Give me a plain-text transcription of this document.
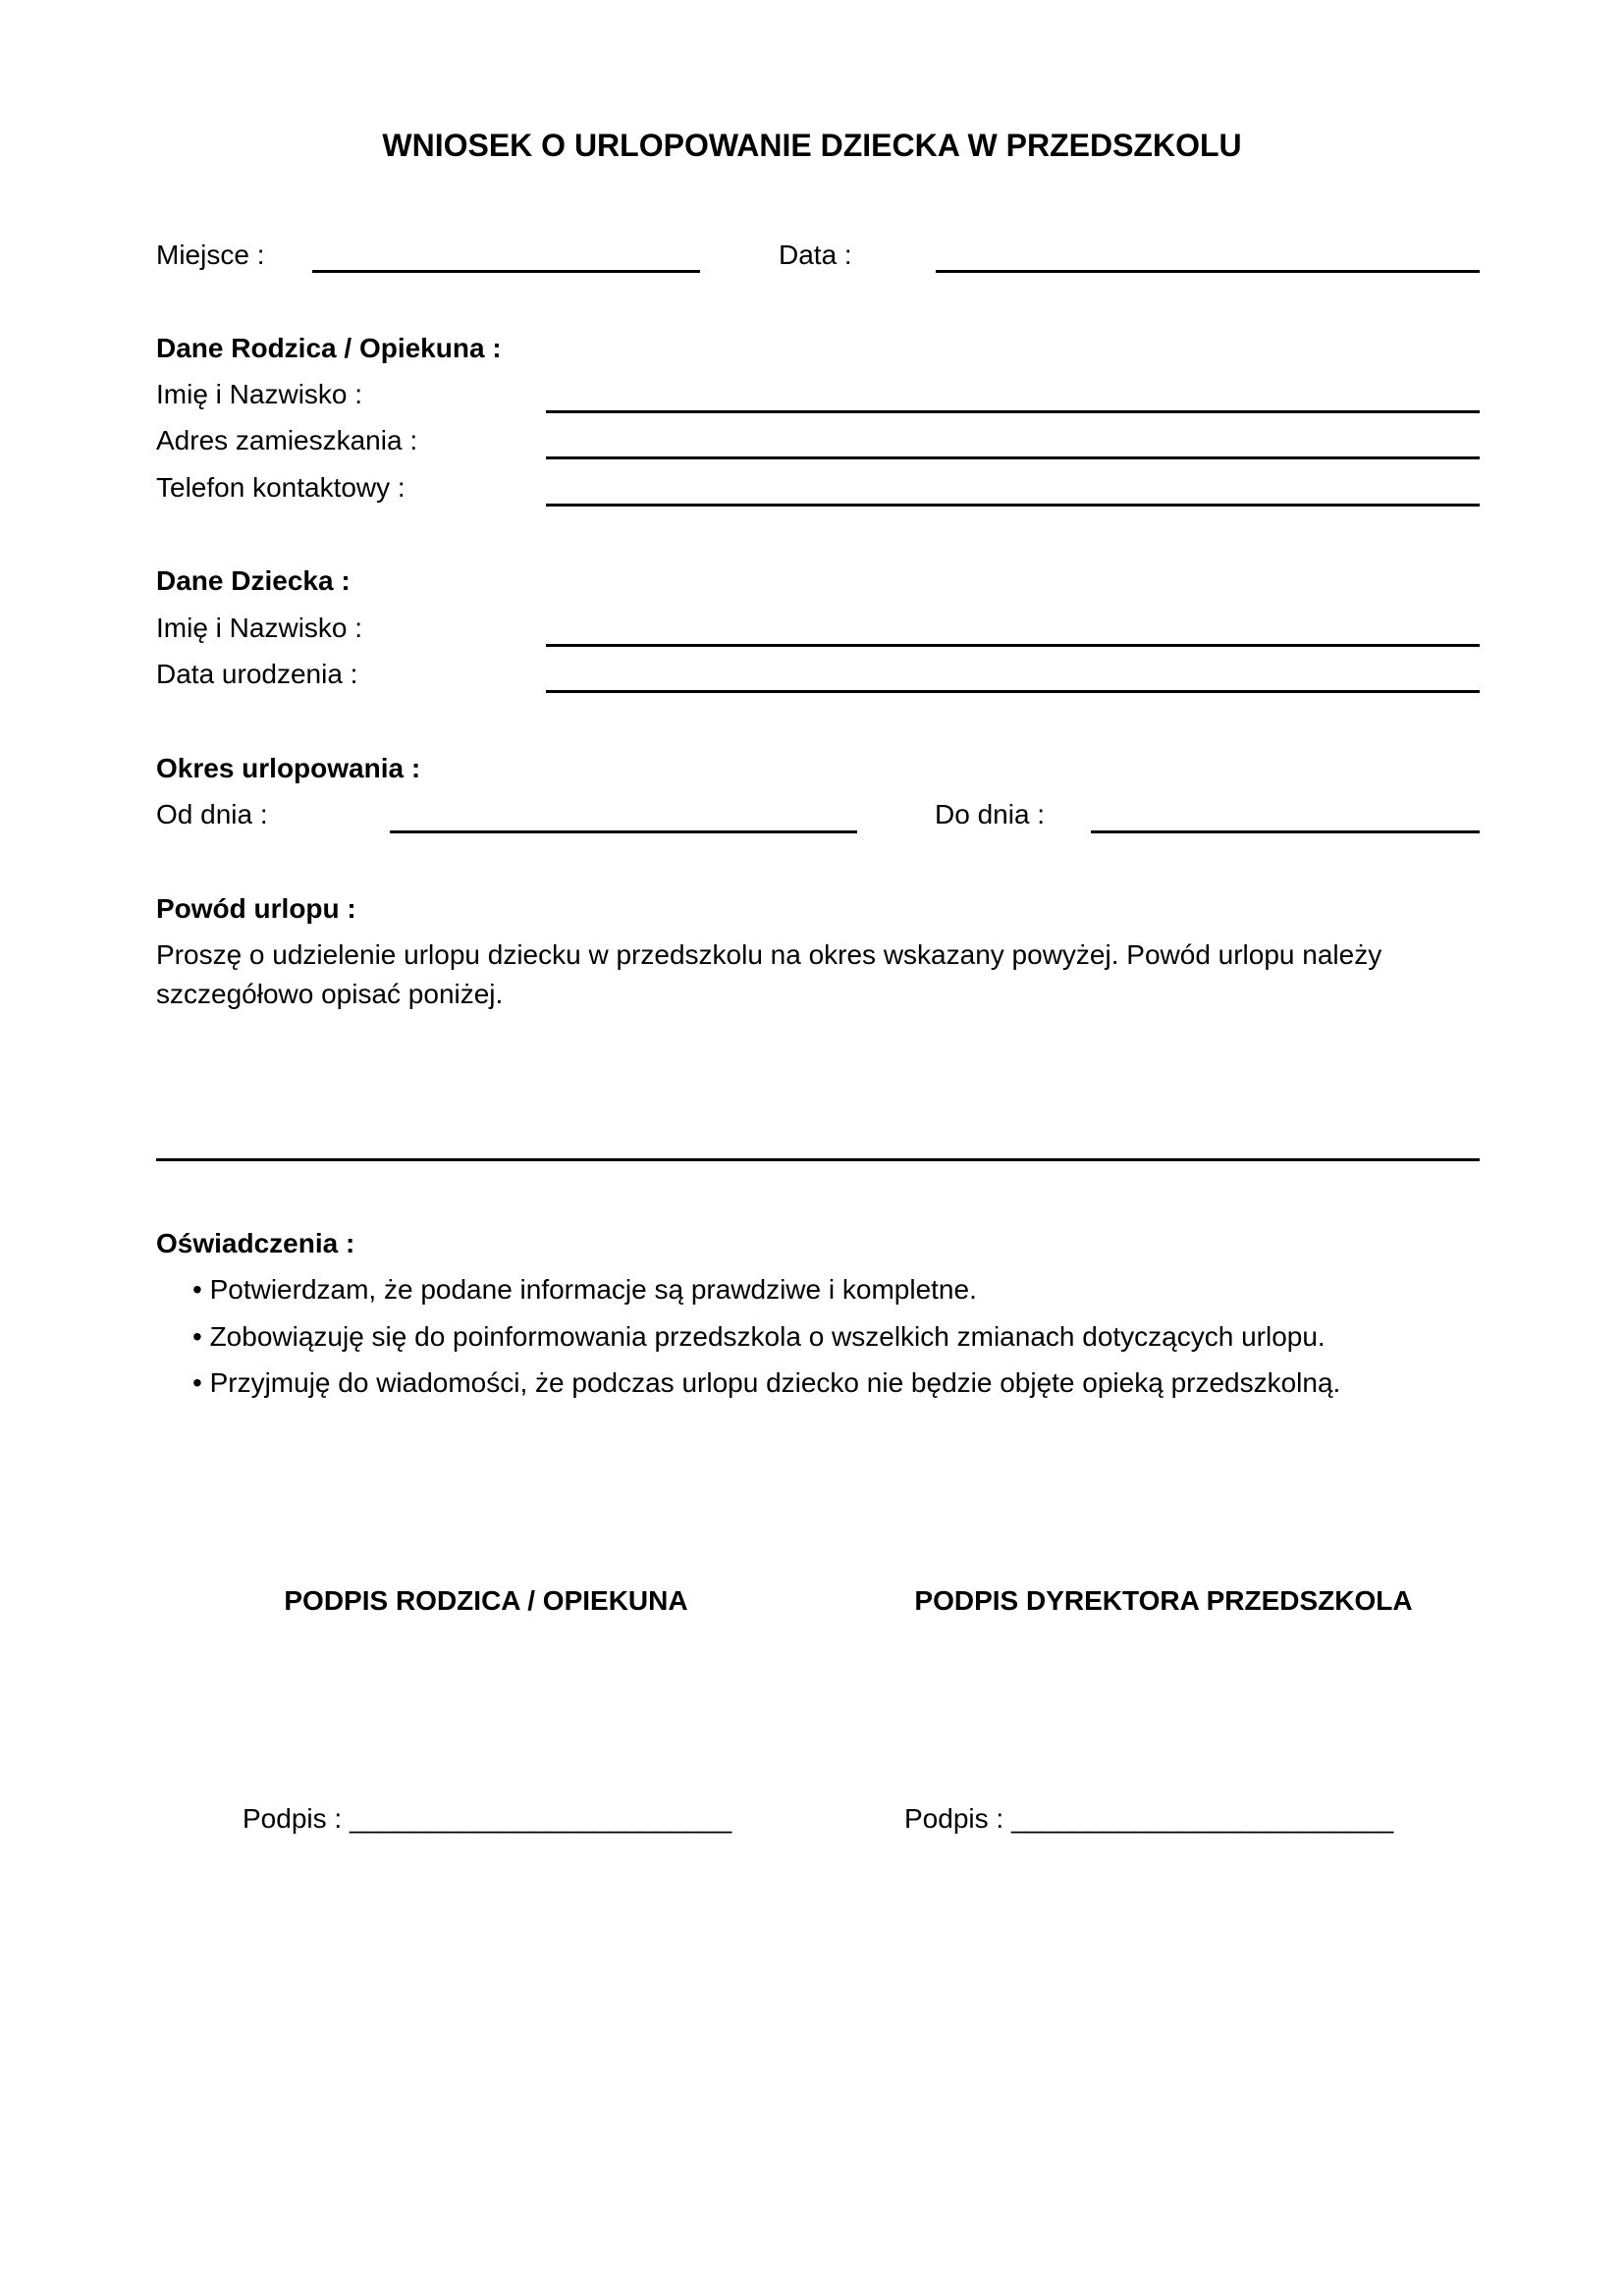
WNIOSEK O URLOPOWANIE DZIECKA W PRZEDSZKOLU
Miejsce :	Data :
Dane Rodzica / Opiekuna :
Imię i Nazwisko :
Adres zamieszkania :
Telefon kontaktowy :
Dane Dziecka :
Imię i Nazwisko :
Data urodzenia :
Okres urlopowania :
Od dnia :	Do dnia :
Powód urlopu :
Proszę o udzielenie urlopu dziecku w przedszkolu na okres wskazany powyżej. Powód urlopu należy szczegółowo opisać poniżej.
Oświadczenia :
• Potwierdzam, że podane informacje są prawdziwe i kompletne.
• Zobowiązuję się do poinformowania przedszkola o wszelkich zmianach dotyczących urlopu.
• Przyjmuję do wiadomości, że podczas urlopu dziecko nie będzie objęte opieką przedszkolną.
PODPIS RODZICA / OPIEKUNA	PODPIS DYREKTORA PRZEDSZKOLA
Podpis : _________________________	Podpis : _________________________
